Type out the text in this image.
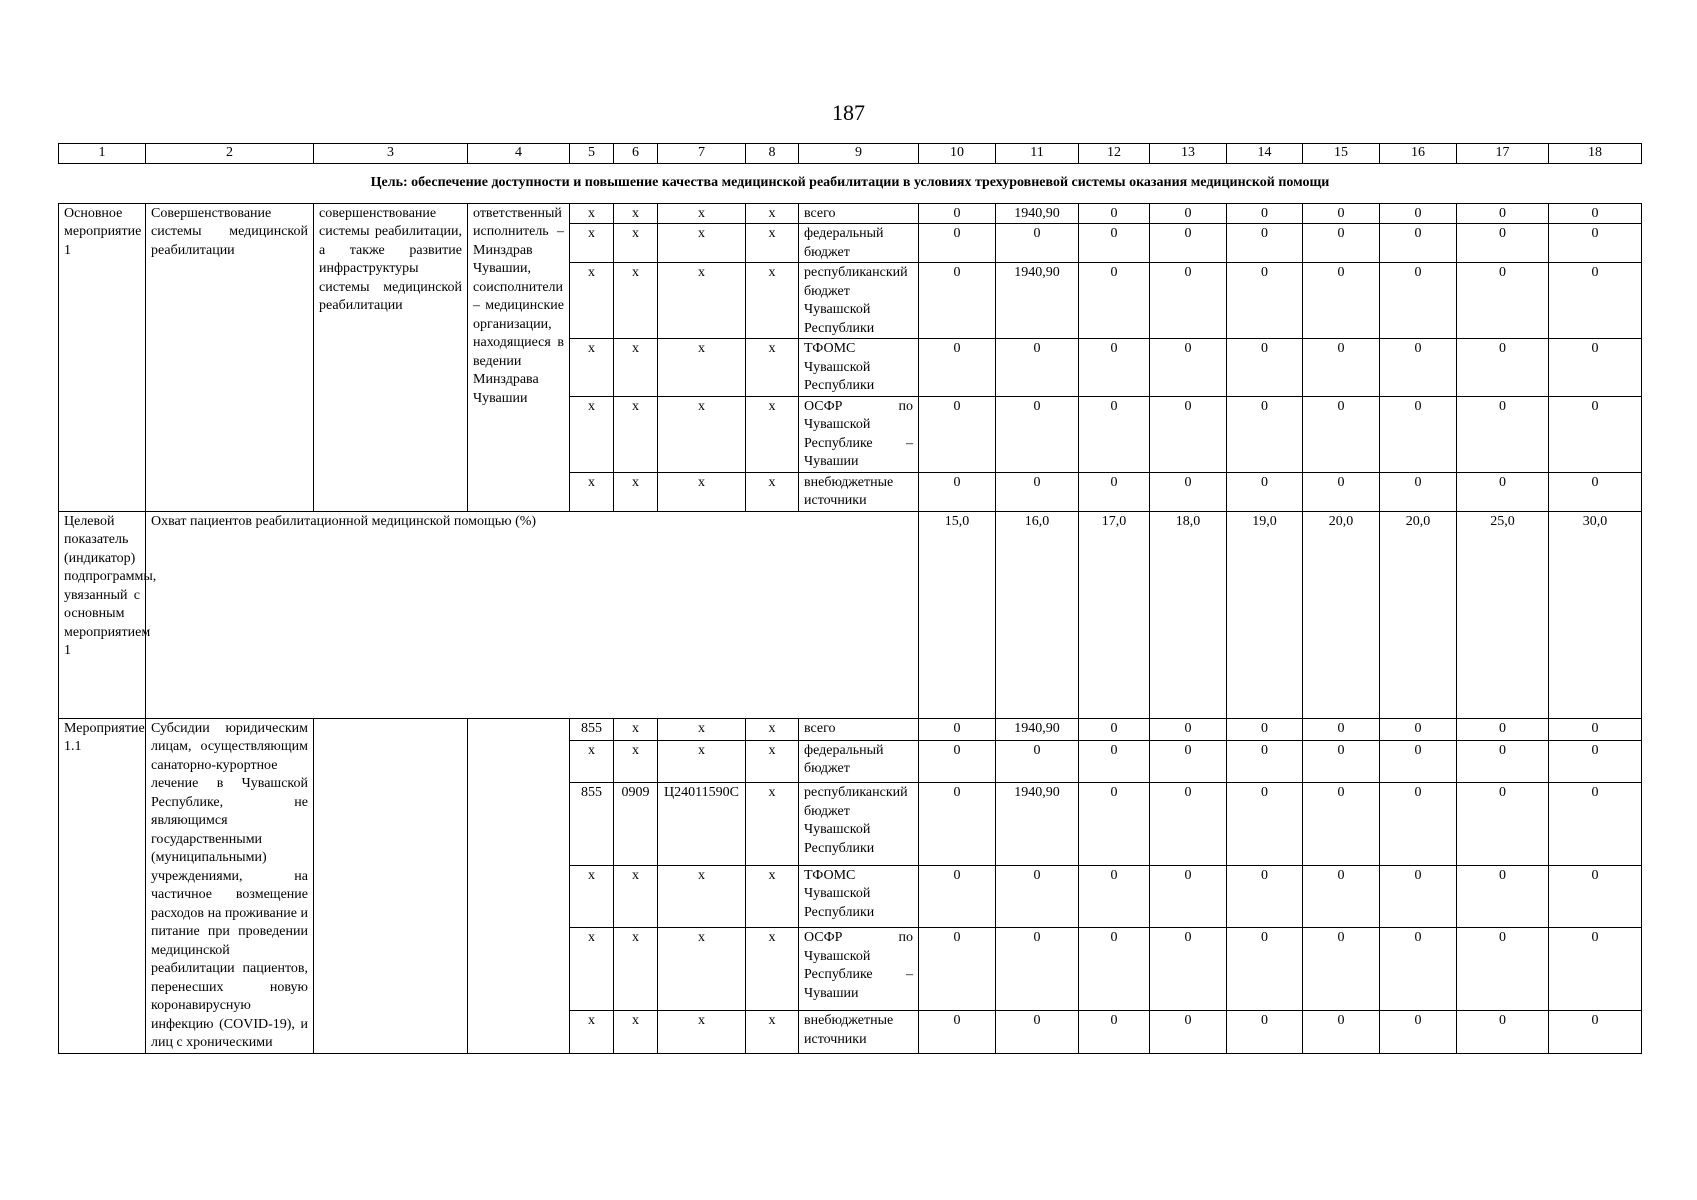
187
1	2	3	4	5	6	7	8	9	10	11	12	13	14	15	16	17	18
Цель: обеспечение доступности и повышение качества медицинской реабилитации в условиях трехуровневой системы оказания медицинской помощи																	
Основное мероприятие 1	Совершенствование системы медицинской реабилитации	совершенствование системы реабилитации, а также развитие инфраструктуры системы медицинской реабилитации	ответственный исполнитель – Минздрав Чувашии, соисполнители – медицинские организации, находящиеся в ведении Минздрава Чувашии	x	x	x	x	всего	0	1940,90	0	0	0	0	0	0	0
				x	x	x	x	федеральный бюджет	0	0	0	0	0	0	0	0	0
				x	x	x	x	республиканский бюджет Чувашской Республики	0	1940,90	0	0	0	0	0	0	0
				x	x	x	x	ТФОМС Чувашской Республики	0	0	0	0	0	0	0	0	0
				x	x	x	x	ОСФР по Чувашской Республике – Чувашии	0	0	0	0	0	0	0	0	0
				x	x	x	x	внебюджетные источники	0	0	0	0	0	0	0	0	0
Целевой показатель (индикатор) подпрограммы, увязанный с основным мероприятием 1	Охват пациентов реабилитационной медицинской помощью (%)								15,0	16,0	17,0	18,0	19,0	20,0	20,0	25,0	30,0
Мероприятие 1.1	Субсидии юридическим лицам, осуществляющим санаторно-курортное лечение в Чувашской Республике, не являющимся государственными (муниципальными) учреждениями, на частичное возмещение расходов на проживание и питание при проведении медицинской реабилитации пациентов, перенесших новую коронавирусную инфекцию (COVID-19), и лиц с хроническими			855	x	x	x	всего	0	1940,90	0	0	0	0	0	0	0
				x	x	x	x	федеральный бюджет	0	0	0	0	0	0	0	0	0
				855	0909	Ц24011590С	x	республиканский бюджет Чувашской Республики	0	1940,90	0	0	0	0	0	0	0
				x	x	x	x	ТФОМС Чувашской Республики	0	0	0	0	0	0	0	0	0
				x	x	x	x	ОСФР по Чувашской Республике – Чувашии	0	0	0	0	0	0	0	0	0
				x	x	x	x	внебюджетные источники	0	0	0	0	0	0	0	0	0
